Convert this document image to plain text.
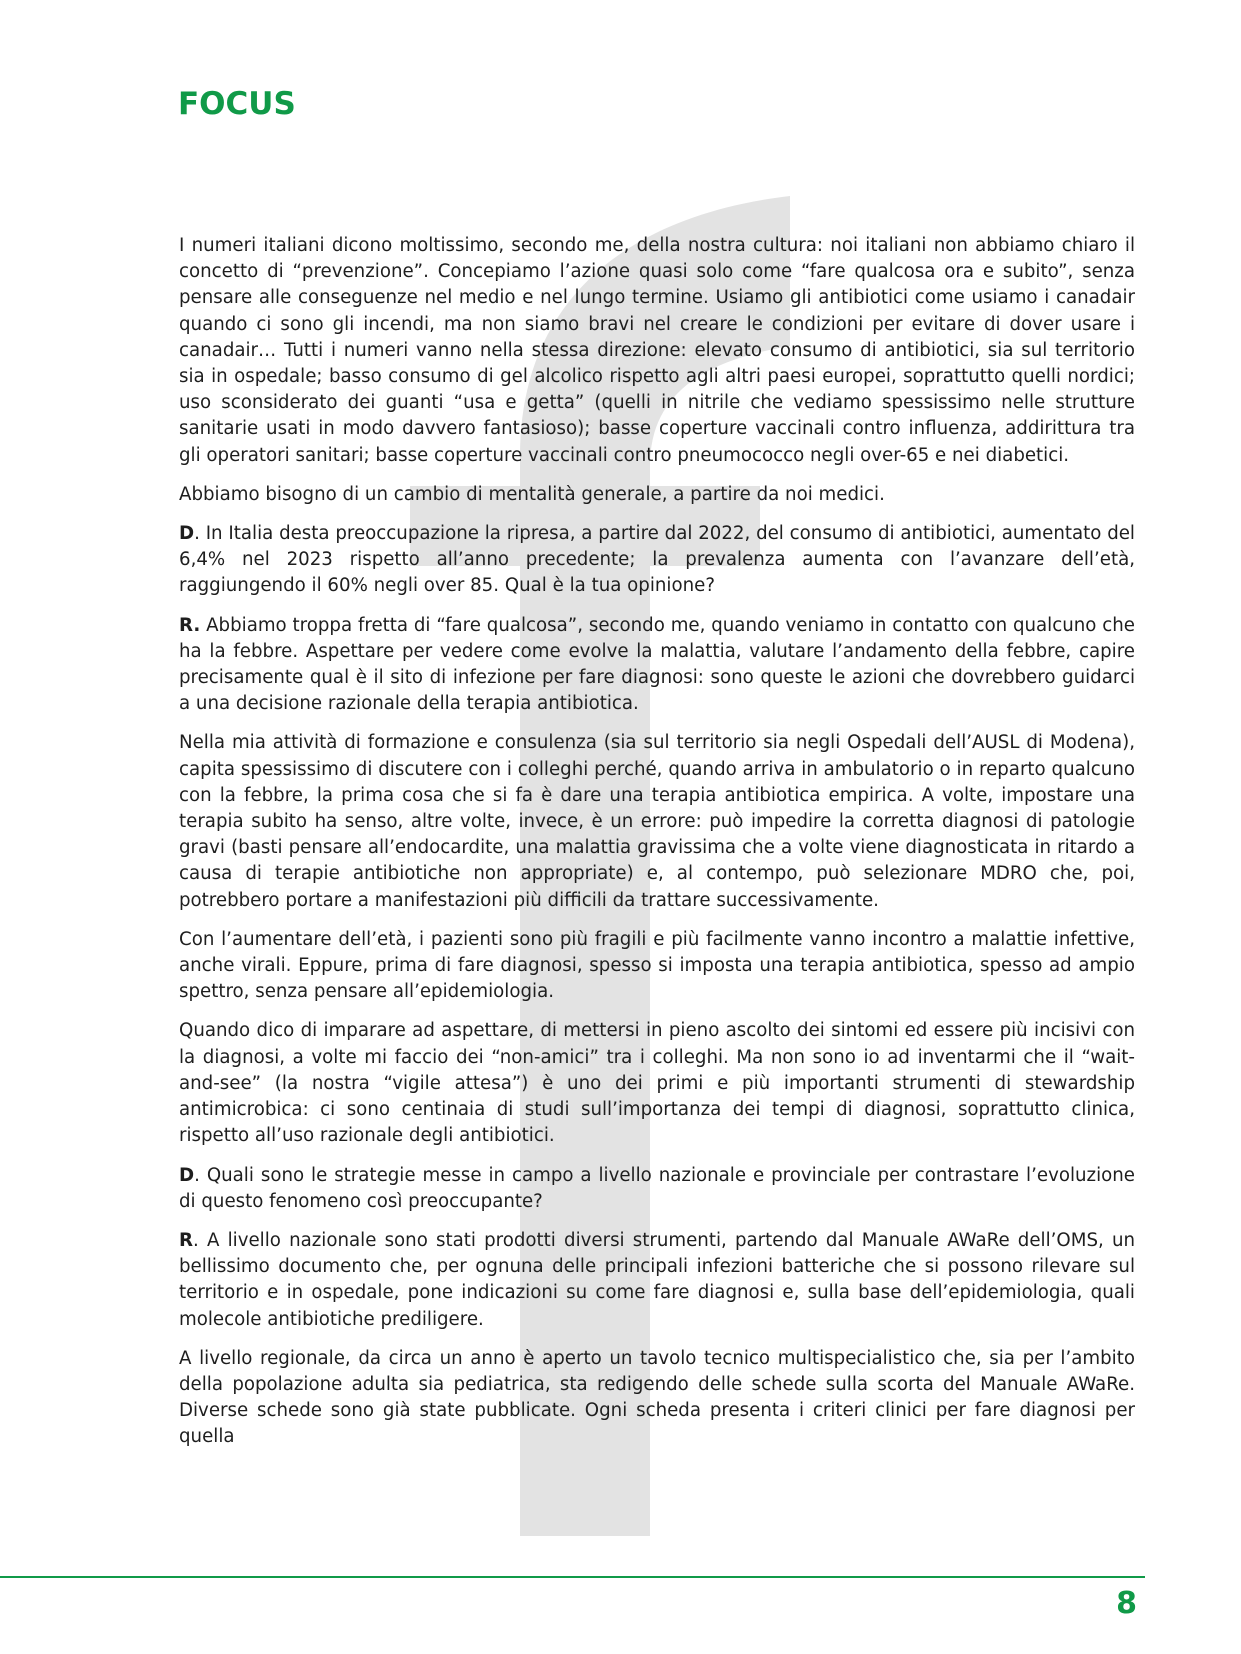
FOCUS

I numeri italiani dicono moltissimo, secondo me, della nostra cultura: noi italiani non abbiamo chiaro il concetto di “prevenzione”. Concepiamo l’azione quasi solo come “fare qualcosa ora e subito”, senza pensare alle conseguenze nel medio e nel lungo termine. Usiamo gli antibiotici come usiamo i canadair quando ci sono gli incendi, ma non siamo bravi nel creare le condizioni per evitare di dover usare i canadair… Tutti i numeri vanno nella stessa direzione: elevato consumo di antibiotici, sia sul territorio sia in ospedale; basso consumo di gel alcolico rispetto agli altri paesi europei, soprattutto quelli nordici; uso sconsiderato dei guanti “usa e getta” (quelli in nitrile che vediamo spessissimo nelle strutture sanitarie usati in modo davvero fantasioso); basse coperture vaccinali contro influenza, addirittura tra gli operatori sanitari; basse coperture vaccinali contro pneumococco negli over-65 e nei diabetici.

Abbiamo bisogno di un cambio di mentalità generale, a partire da noi medici.

D. In Italia desta preoccupazione la ripresa, a partire dal 2022, del consumo di antibiotici, aumentato del 6,4% nel 2023 rispetto all’anno precedente; la prevalenza aumenta con l’avanzare dell’età, raggiungendo il 60% negli over 85. Qual è la tua opinione?

R. Abbiamo troppa fretta di “fare qualcosa”, secondo me, quando veniamo in contatto con qualcuno che ha la febbre. Aspettare per vedere come evolve la malattia, valutare l’andamento della febbre, capire precisamente qual è il sito di infezione per fare diagnosi: sono queste le azioni che dovrebbero guidarci a una decisione razionale della terapia antibiotica.

Nella mia attività di formazione e consulenza (sia sul territorio sia negli Ospedali dell’AUSL di Modena), capita spessissimo di discutere con i colleghi perché, quando arriva in ambulatorio o in reparto qualcuno con la febbre, la prima cosa che si fa è dare una terapia antibiotica empirica. A volte, impostare una terapia subito ha senso, altre volte, invece, è un errore: può impedire la corretta diagnosi di patologie gravi (basti pensare all’endocardite, una malattia gravissima che a volte viene diagnosticata in ritardo a causa di terapie antibiotiche non appropriate) e, al contempo, può selezionare MDRO che, poi, potrebbero portare a manifestazioni più difficili da trattare successivamente.

Con l’aumentare dell’età, i pazienti sono più fragili e più facilmente vanno incontro a malattie infettive, anche virali. Eppure, prima di fare diagnosi, spesso si imposta una terapia antibiotica, spesso ad ampio spettro, senza pensare all’epidemiologia.

Quando dico di imparare ad aspettare, di mettersi in pieno ascolto dei sintomi ed essere più incisivi con la diagnosi, a volte mi faccio dei “non-amici” tra i colleghi. Ma non sono io ad inventarmi che il “wait-and-see” (la nostra “vigile attesa”) è uno dei primi e più importanti strumenti di stewardship antimicrobica: ci sono centinaia di studi sull’importanza dei tempi di diagnosi, soprattutto clinica, rispetto all’uso razionale degli antibiotici.

D. Quali sono le strategie messe in campo a livello nazionale e provinciale per contrastare l’evoluzione di questo fenomeno così preoccupante?

R. A livello nazionale sono stati prodotti diversi strumenti, partendo dal Manuale AWaRe dell’OMS, un bellissimo documento che, per ognuna delle principali infezioni batteriche che si possono rilevare sul territorio e in ospedale, pone indicazioni su come fare diagnosi e, sulla base dell’epidemiologia, quali molecole antibiotiche prediligere.

A livello regionale, da circa un anno è aperto un tavolo tecnico multispecialistico che, sia per l’ambito della popolazione adulta sia pediatrica, sta redigendo delle schede sulla scorta del Manuale AWaRe. Diverse schede sono già state pubblicate. Ogni scheda presenta i criteri clinici per fare diagnosi per quella

8
